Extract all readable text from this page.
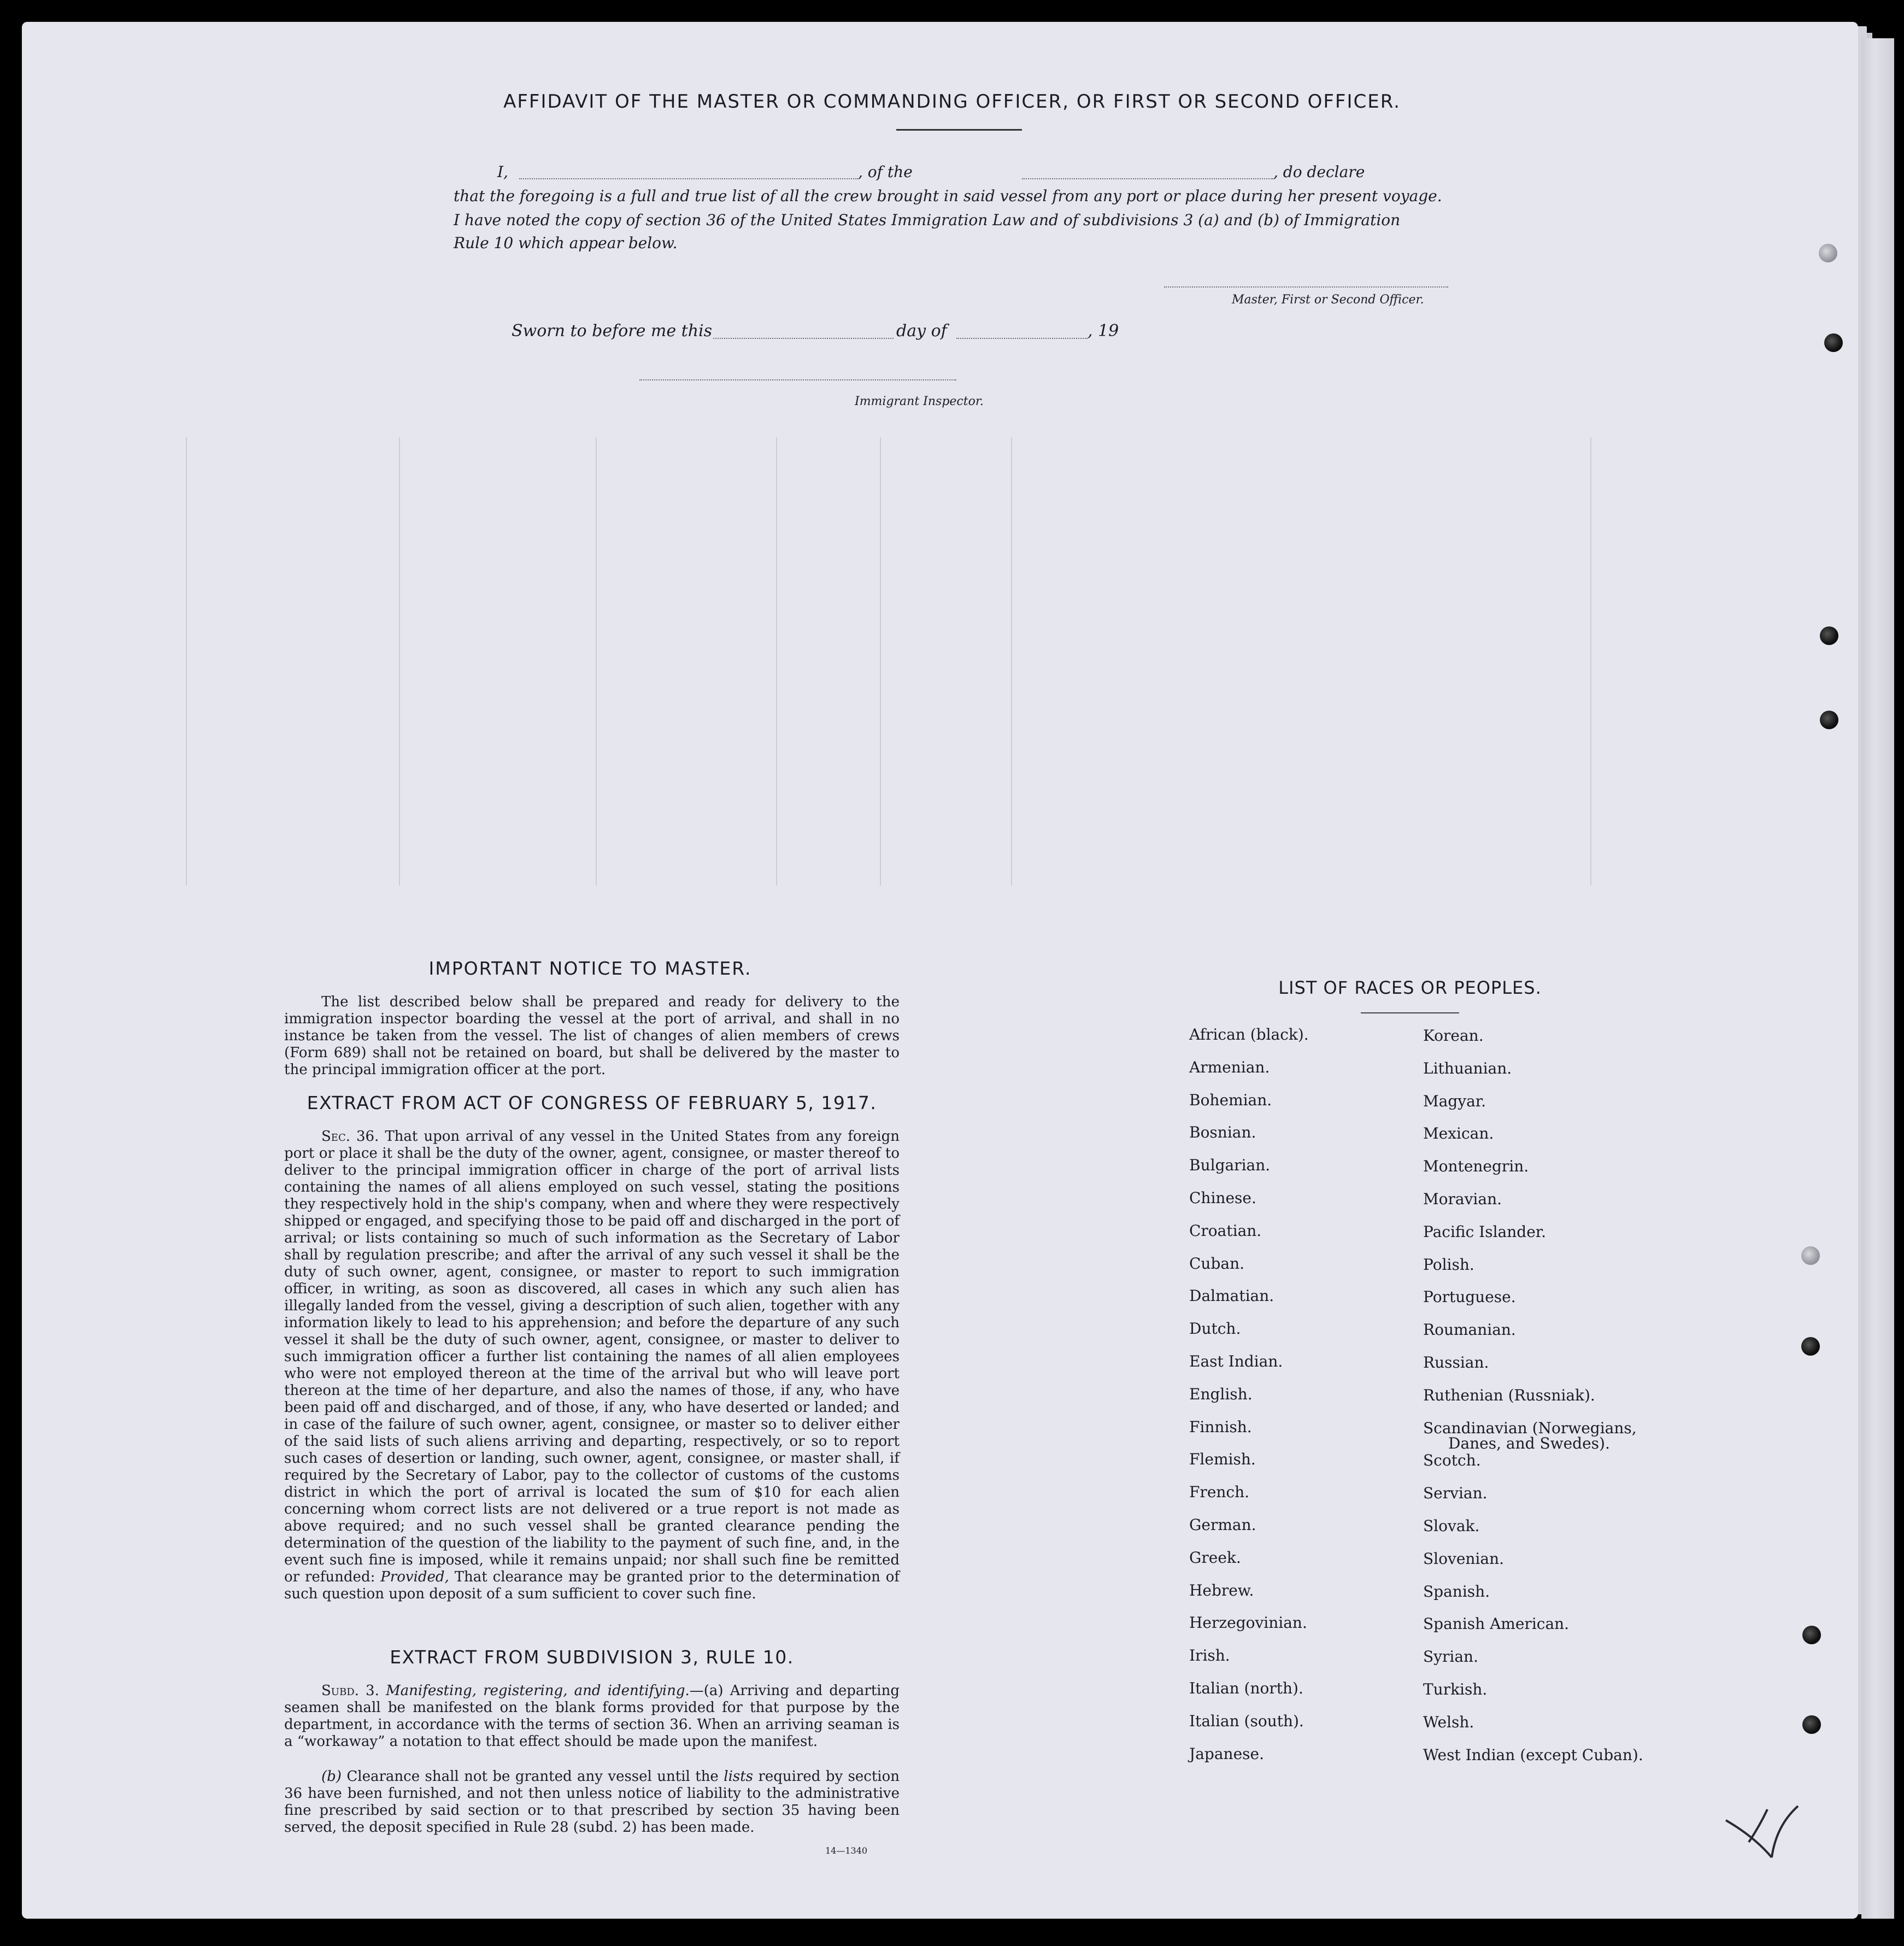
AFFIDAVIT OF THE MASTER OR COMMANDING OFFICER, OR FIRST OR SECOND OFFICER.
I,	, of the	, do declare
that the foregoing is a full and true list of all the crew brought in said vessel from any port or place during her present voyage.
I have noted the copy of section 36 of the United States Immigration Law and of subdivisions 3 (a) and (b) of Immigration
Rule 10 which appear below.
Master, First or Second Officer.
Sworn to before me this	day of	, 19
Immigrant Inspector.
IMPORTANT NOTICE TO MASTER.

The list described below shall be prepared and ready for delivery to the immigration inspector boarding the vessel at the port of arrival, and shall in no instance be taken from the vessel. The list of changes of alien members of crews (Form 689) shall not be retained on board, but shall be delivered by the master to the principal immigration officer at the port.

EXTRACT FROM ACT OF CONGRESS OF FEBRUARY 5, 1917.

Sec. 36. That upon arrival of any vessel in the United States from any foreign port or place it shall be the duty of the owner, agent, consignee, or master thereof to deliver to the principal immigration officer in charge of the port of arrival lists containing the names of all aliens employed on such vessel, stating the positions they respectively hold in the ship's company, when and where they were respectively shipped or engaged, and specifying those to be paid off and discharged in the port of arrival; or lists containing so much of such information as the Secretary of Labor shall by regulation prescribe; and after the arrival of any such vessel it shall be the duty of such owner, agent, consignee, or master to report to such immigration officer, in writing, as soon as discovered, all cases in which any such alien has illegally landed from the vessel, giving a description of such alien, together with any information likely to lead to his apprehension; and before the departure of any such vessel it shall be the duty of such owner, agent, consignee, or master to deliver to such immigration officer a further list containing the names of all alien employees who were not employed thereon at the time of the arrival but who will leave port thereon at the time of her departure, and also the names of those, if any, who have been paid off and discharged, and of those, if any, who have deserted or landed; and in case of the failure of such owner, agent, consignee, or master so to deliver either of the said lists of such aliens arriving and departing, respectively, or so to report such cases of desertion or landing, such owner, agent, consignee, or master shall, if required by the Secretary of Labor, pay to the collector of customs of the customs district in which the port of arrival is located the sum of $10 for each alien concerning whom correct lists are not delivered or a true report is not made as above required; and no such vessel shall be granted clearance pending the determination of the question of the liability to the payment of such fine, and, in the event such fine is imposed, while it remains unpaid; nor shall such fine be remitted or refunded: Provided, That clearance may be granted prior to the determination of such question upon deposit of a sum sufficient to cover such fine.

EXTRACT FROM SUBDIVISION 3, RULE 10.

Subd. 3. Manifesting, registering, and identifying.—(a) Arriving and departing seamen shall be manifested on the blank forms provided for that purpose by the department, in accordance with the terms of section 36. When an arriving seaman is a “workaway” a notation to that effect should be made upon the manifest.

(b) Clearance shall not be granted any vessel until the lists required by section 36 have been furnished, and not then unless notice of liability to the administrative fine prescribed by said section or to that prescribed by section 35 having been served, the deposit specified in Rule 28 (subd. 2) has been made.

14—1340
LIST OF RACES OR PEOPLES.
African (black).
Armenian.
Bohemian.
Bosnian.
Bulgarian.
Chinese.
Croatian.
Cuban.
Dalmatian.
Dutch.
East Indian.
English.
Finnish.
Flemish.
French.
German.
Greek.
Hebrew.
Herzegovinian.
Irish.
Italian (north).
Italian (south).
Japanese.
Korean.
Lithuanian.
Magyar.
Mexican.
Montenegrin.
Moravian.
Pacific Islander.
Polish.
Portuguese.
Roumanian.
Russian.
Ruthenian (Russniak).
Scandinavian (Norwegians,
Danes, and Swedes).
Scotch.
Servian.
Slovak.
Slovenian.
Spanish.
Spanish American.
Syrian.
Turkish.
Welsh.
West Indian (except Cuban).
